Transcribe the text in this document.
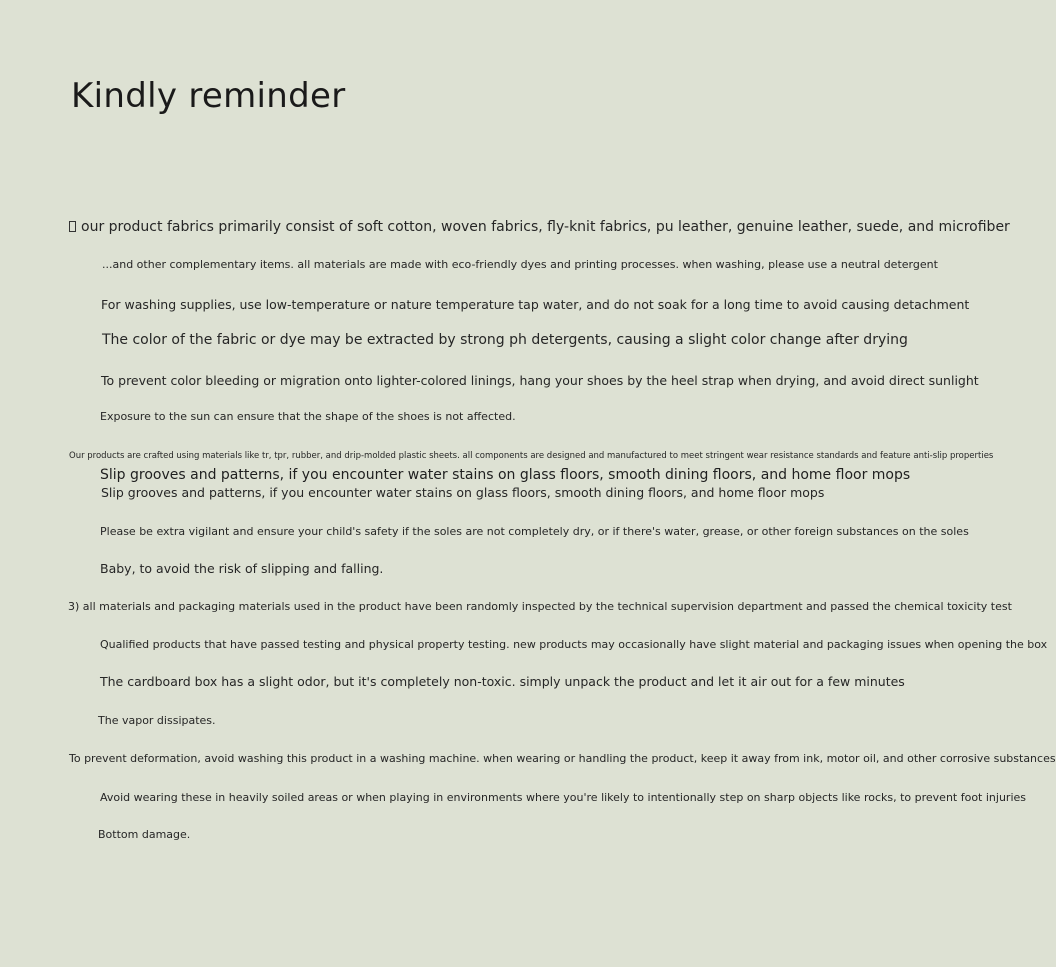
Kindly reminder
our product fabrics primarily consist of soft cotton, woven fabrics, fly-knit fabrics, pu leather, genuine leather, suede, and microfiber
...and other complementary items. all materials are made with eco-friendly dyes and printing processes. when washing, please use a neutral detergent
For washing supplies, use low-temperature or nature temperature tap water, and do not soak for a long time to avoid causing detachment
The color of the fabric or dye may be extracted by strong ph detergents, causing a slight color change after drying
To prevent color bleeding or migration onto lighter-colored linings, hang your shoes by the heel strap when drying, and avoid direct sunlight
Exposure to the sun can ensure that the shape of the shoes is not affected.
Our products are crafted using materials like tr, tpr, rubber, and drip-molded plastic sheets. all components are designed and manufactured to meet stringent wear resistance standards and feature anti-slip properties
Slip grooves and patterns, if you encounter water stains on glass floors, smooth dining floors, and home floor mops
Slip grooves and patterns, if you encounter water stains on glass floors, smooth dining floors, and home floor mops
Please be extra vigilant and ensure your child's safety if the soles are not completely dry, or if there's water, grease, or other foreign substances on the soles
Baby, to avoid the risk of slipping and falling.
3) all materials and packaging materials used in the product have been randomly inspected by the technical supervision department and passed the chemical toxicity test
Qualified products that have passed testing and physical property testing. new products may occasionally have slight material and packaging issues when opening the box
The cardboard box has a slight odor, but it's completely non-toxic. simply unpack the product and let it air out for a few minutes
The vapor dissipates.
To prevent deformation, avoid washing this product in a washing machine. when wearing or handling the product, keep it away from ink, motor oil, and other corrosive substances
Avoid wearing these in heavily soiled areas or when playing in environments where you're likely to intentionally step on sharp objects like rocks, to prevent foot injuries
Bottom damage.
